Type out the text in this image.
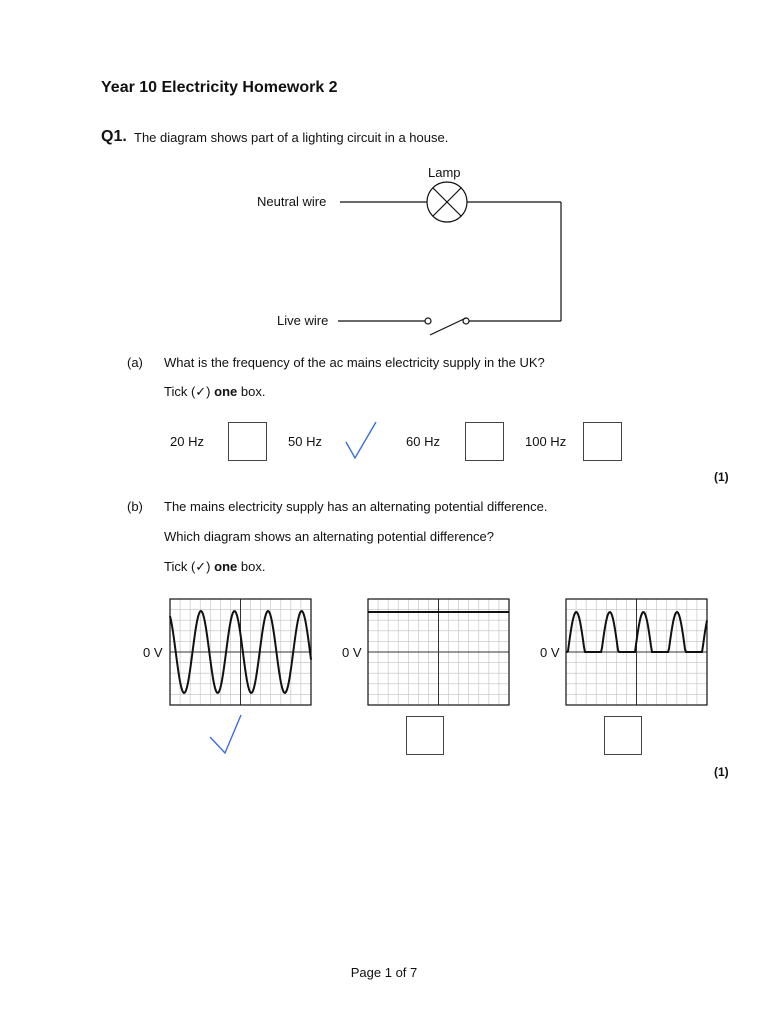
Year 10 Electricity Homework 2
Q1. The diagram shows part of a lighting circuit in a house.
Lamp
Neutral wire
Live wire
(a) What is the frequency of the ac mains electricity supply in the UK?
Tick (✓) one box.
20 Hz	50 Hz	60 Hz	100 Hz
(1)
(b) The mains electricity supply has an alternating potential difference.
Which diagram shows an alternating potential difference?
Tick (✓) one box.
0 V	0 V	0 V
(1)
Page 1 of 7
